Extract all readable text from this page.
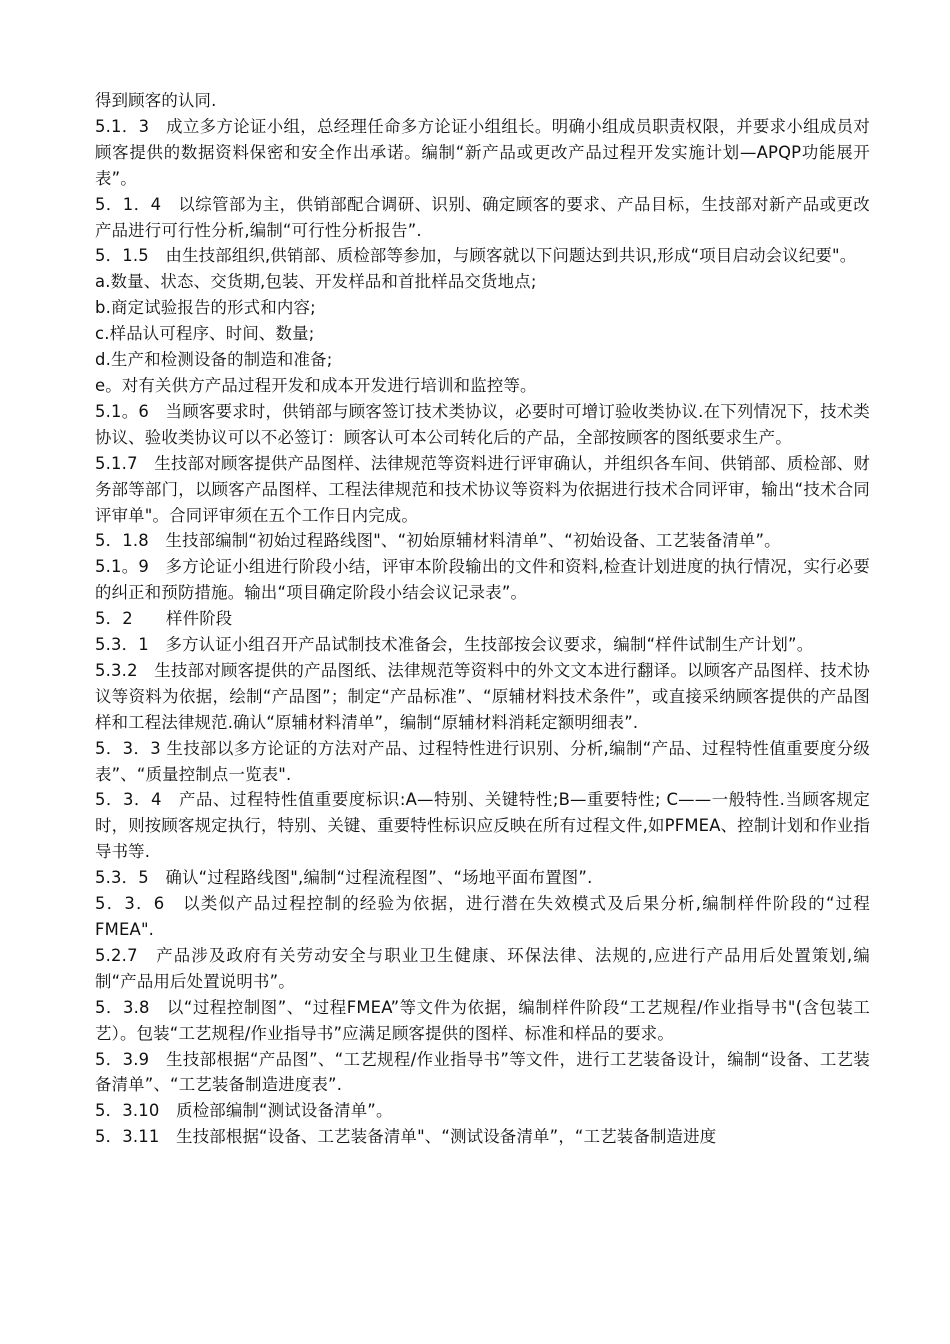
得到顾客的认同.

5.1．3　成立多方论证小组，总经理任命多方论证小组组长。明确小组成员职责权限，并要求小组成员对顾客提供的数据资料保密和安全作出承诺。编制“新产品或更改产品过程开发实施计划—APQP功能展开表”。

5．1．4　以综管部为主，供销部配合调研、识别、确定顾客的要求、产品目标，生技部对新产品或更改产品进行可行性分析,编制“可行性分析报告”.

5．1.5　由生技部组织,供销部、质检部等参加，与顾客就以下问题达到共识,形成“项目启动会议纪要"。

a.数量、状态、交货期,包装、开发样品和首批样品交货地点;

b.商定试验报告的形式和内容;

c.样品认可程序、时间、数量;

d.生产和检测设备的制造和准备;

e。对有关供方产品过程开发和成本开发进行培训和监控等。

5.1。6　当顾客要求时，供销部与顾客签订技术类协议，必要时可增订验收类协议.在下列情况下，技术类协议、验收类协议可以不必签订：顾客认可本公司转化后的产品，全部按顾客的图纸要求生产。

5.1.7　生技部对顾客提供产品图样、法律规范等资料进行评审确认，并组织各车间、供销部、质检部、财务部等部门，以顾客产品图样、工程法律规范和技术协议等资料为依据进行技术合同评审，输出“技术合同评审单"。合同评审须在五个工作日内完成。

5．1.8　生技部编制“初始过程路线图"、“初始原辅材料清单”、“初始设备、工艺装备清单”。

5.1。9　多方论证小组进行阶段小结，评审本阶段输出的文件和资料,检查计划进度的执行情况，实行必要的纠正和预防措施。输出“项目确定阶段小结会议记录表”。

5．2　　样件阶段

5.3．1　多方认证小组召开产品试制技术准备会，生技部按会议要求，编制“样件试制生产计划”。

5.3.2　生技部对顾客提供的产品图纸、法律规范等资料中的外文文本进行翻译。以顾客产品图样、技术协议等资料为依据，绘制“产品图”；制定“产品标准”、“原辅材料技术条件”，或直接采纳顾客提供的产品图样和工程法律规范.确认“原辅材料清单”，编制“原辅材料消耗定额明细表”.

5．3．3 生技部以多方论证的方法对产品、过程特性进行识别、分析,编制“产品、过程特性值重要度分级表”、“质量控制点一览表".

5．3．4　产品、过程特性值重要度标识:A—特别、关键特性;B—重要特性; C——一般特性.当顾客规定时，则按顾客规定执行，特别、关键、重要特性标识应反映在所有过程文件,如PFMEA、控制计划和作业指导书等.

5.3．5　确认“过程路线图",编制“过程流程图”、“场地平面布置图”.

5．3．6　以类似产品过程控制的经验为依据，进行潜在失效模式及后果分析,编制样件阶段的“过程FMEA".

5.2.7　产品涉及政府有关劳动安全与职业卫生健康、环保法律、法规的,应进行产品用后处置策划,编制“产品用后处置说明书”。

5．3.8　以“过程控制图”、“过程FMEA”等文件为依据，编制样件阶段“工艺规程/作业指导书"(含包装工艺）。包装“工艺规程/作业指导书”应满足顾客提供的图样、标准和样品的要求。

5．3.9　生技部根据“产品图”、“工艺规程/作业指导书”等文件，进行工艺装备设计，编制“设备、工艺装备清单”、“工艺装备制造进度表”.

5．3.10　质检部编制“测试设备清单”。

5．3.11　生技部根据“设备、工艺装备清单"、“测试设备清单”，“工艺装备制造进度
